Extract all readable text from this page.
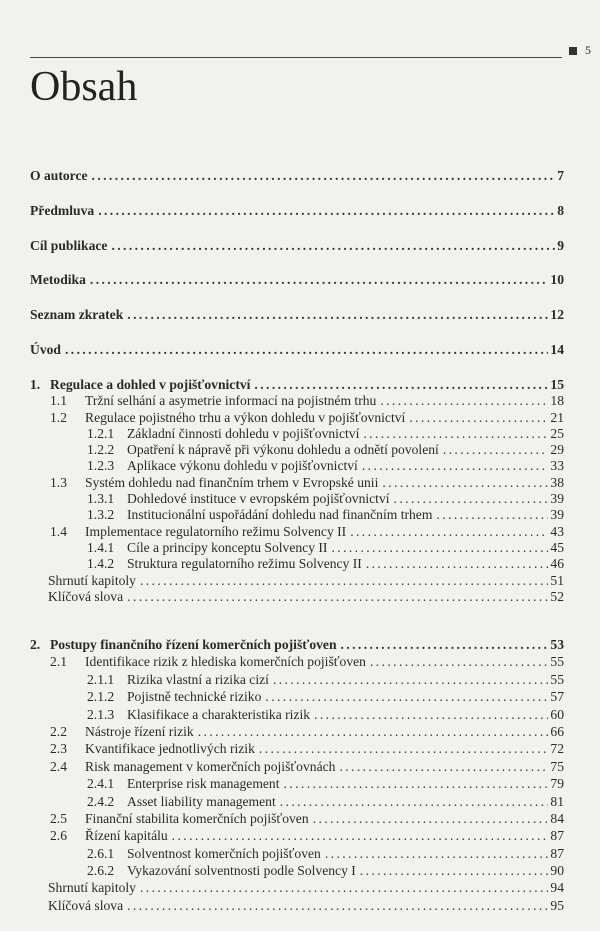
5
Obsah
O autorce .....	7
Předmluva .....	8
Cíl publikace .....	9
Metodika .....	10
Seznam zkratek .....	12
Úvod .....	14
1. Regulace a dohled v pojišťovnictví .....	15
1.1	Tržní selhání a asymetrie informací na pojistném trhu .....	18
1.2	Regulace pojistného trhu a výkon dohledu v pojišťovnictví .....	21
1.2.1 Základní činnosti dohledu v pojišťovnictví .....	25
1.2.2 Opatření k nápravě při výkonu dohledu a odnětí povolení .....	29
1.2.3 Aplikace výkonu dohledu v pojišťovnictví .....	33
1.3	Systém dohledu nad finančním trhem v Evropské unii .....	38
1.3.1 Dohledové instituce v evropském pojišťovnictví .....	39
1.3.2 Institucionální uspořádání dohledu nad finančním trhem .....	39
1.4	Implementace regulatorního režimu Solvency II .....	43
1.4.1 Cíle a principy konceptu Solvency II .....	45
1.4.2 Struktura regulatorního režimu Solvency II .....	46
Shrnutí kapitoly .....	51
Klíčová slova .....	52
2. Postupy finančního řízení komerčních pojišťoven .....	53
2.1	Identifikace rizik z hlediska komerčních pojišťoven .....	55
2.1.1 Rizika vlastní a rizika cizí .....	55
2.1.2 Pojistně technické riziko .....	57
2.1.3 Klasifikace a charakteristika rizik .....	60
2.2	Nástroje řízení rizik .....	66
2.3	Kvantifikace jednotlivých rizik .....	72
2.4	Risk management v komerčních pojišťovnách .....	75
2.4.1 Enterprise risk management .....	79
2.4.2 Asset liability management .....	81
2.5	Finanční stabilita komerčních pojišťoven .....	84
2.6	Řízení kapitálu .....	87
2.6.1 Solventnost komerčních pojišťoven .....	87
2.6.2 Vykazování solventnosti podle Solvency I .....	90
Shrnutí kapitoly .....	94
Klíčová slova .....	95
